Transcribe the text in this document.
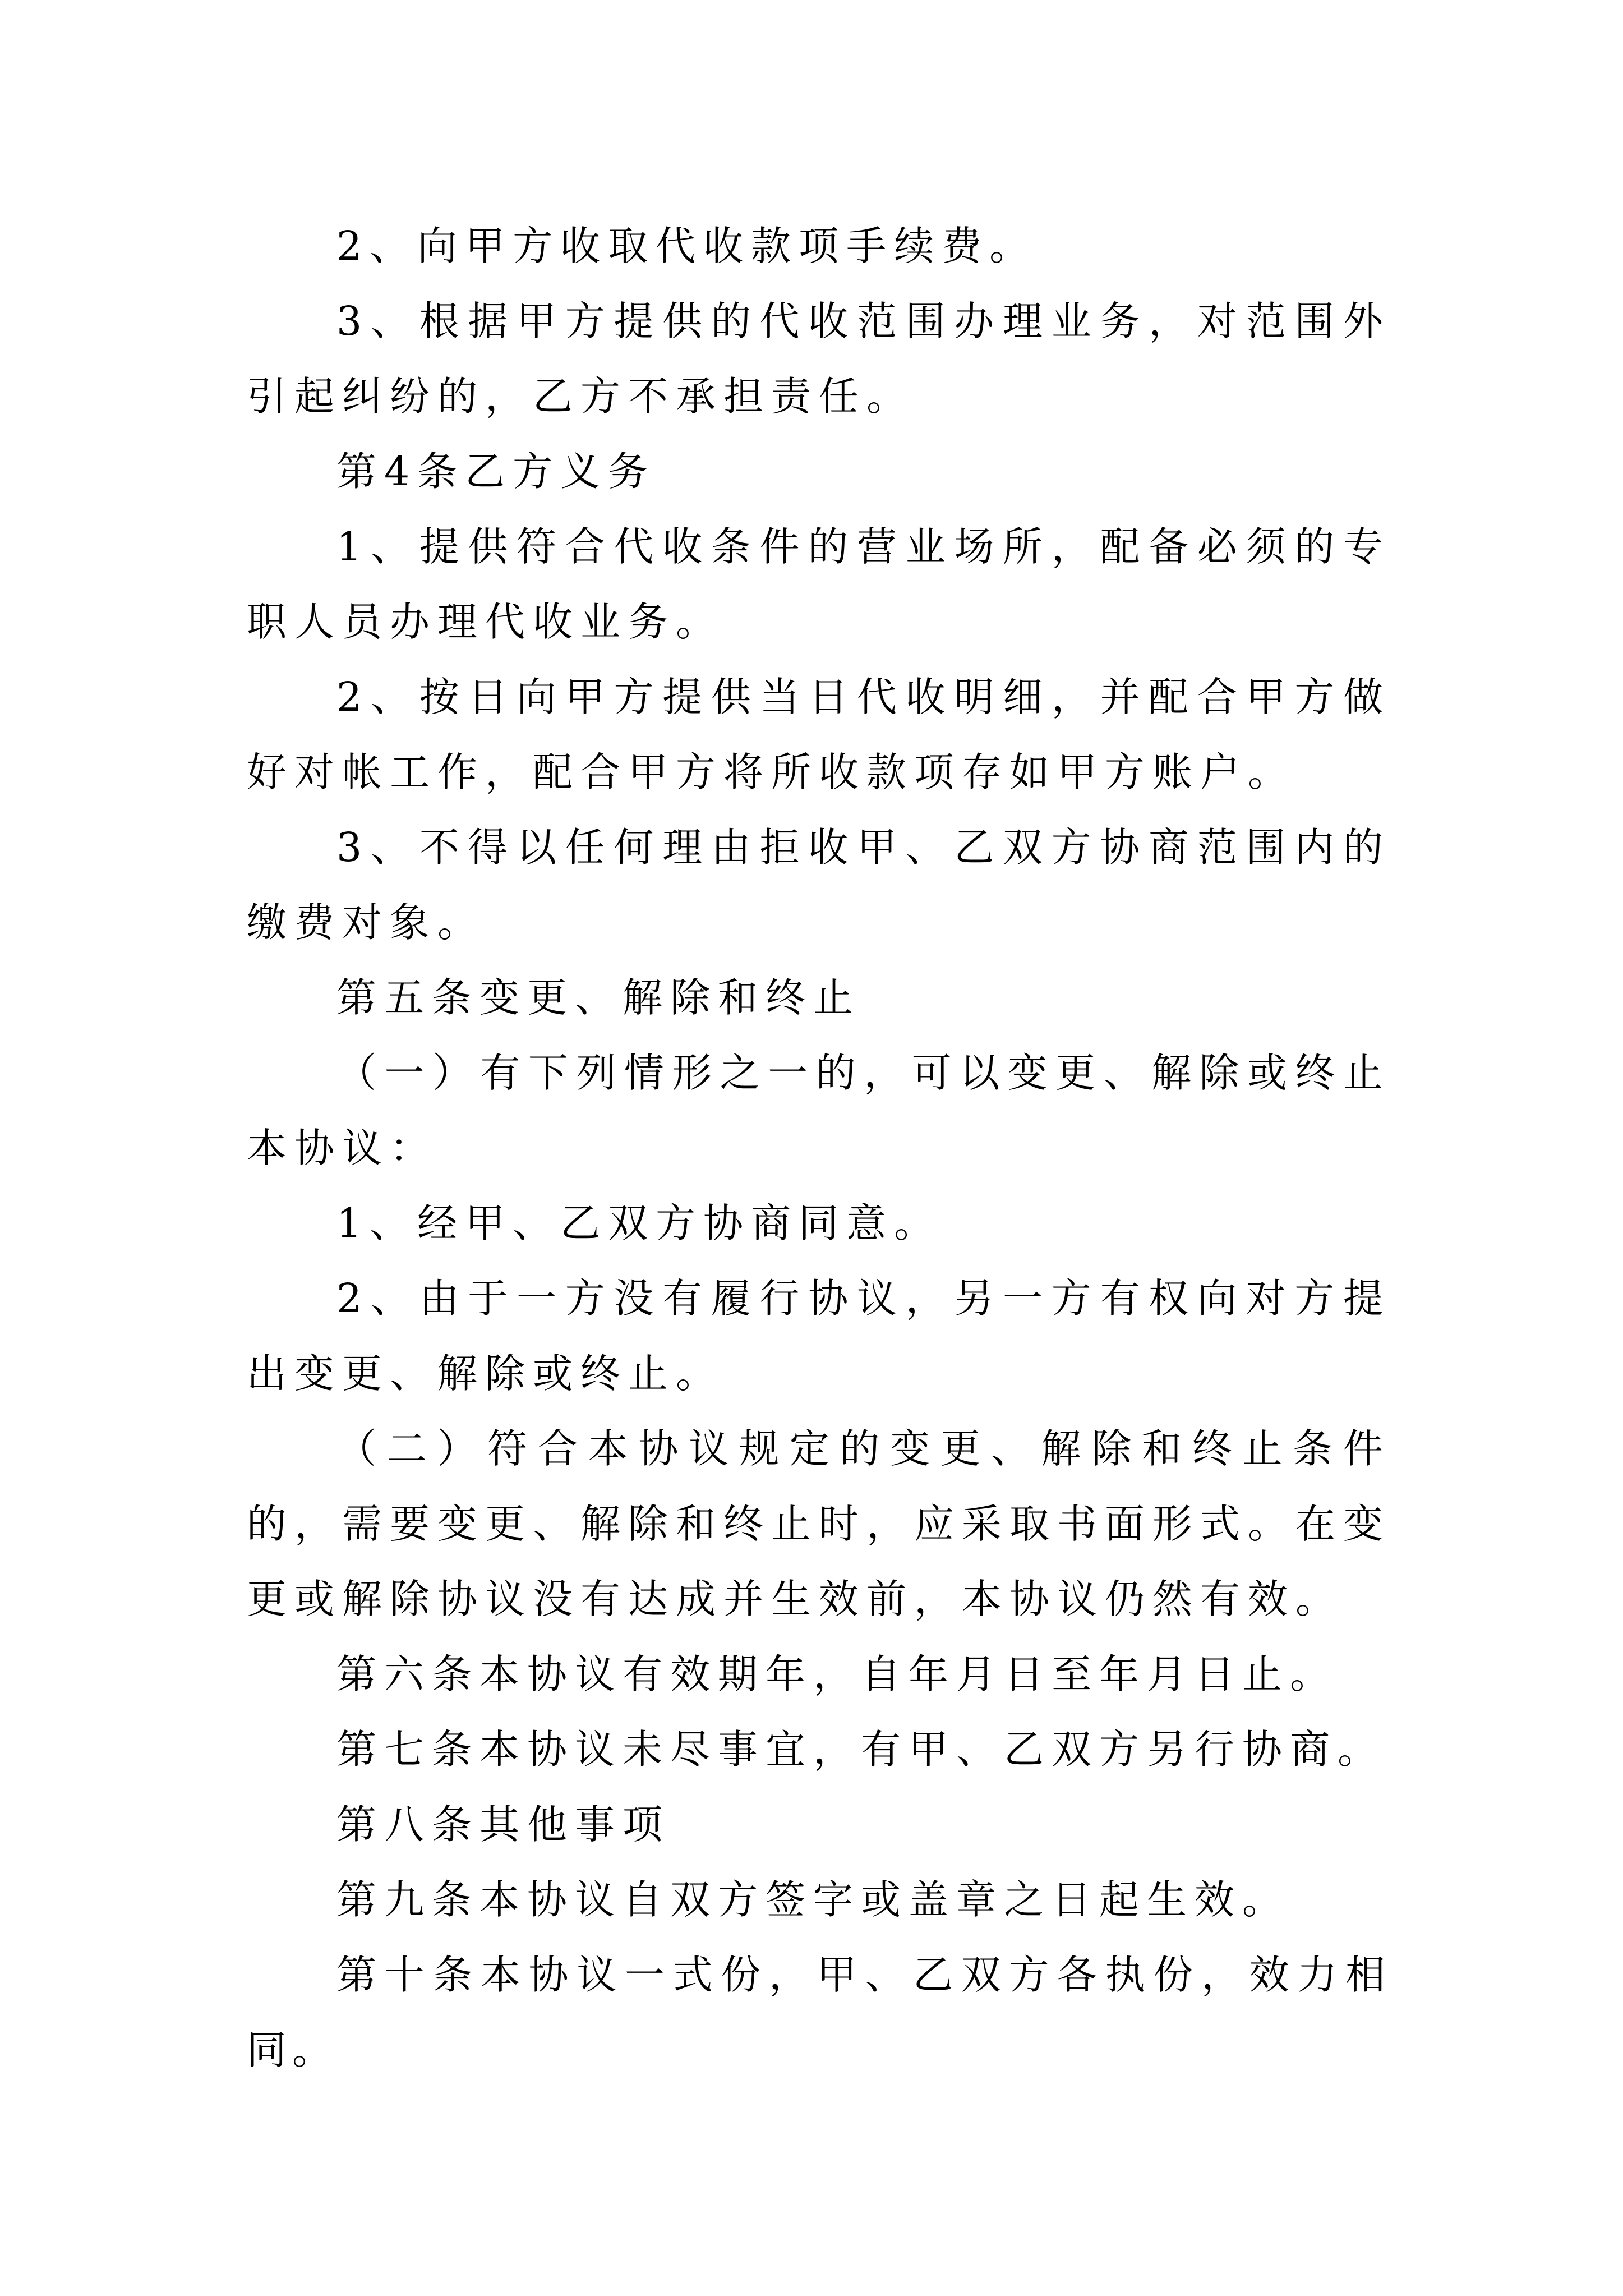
2、向甲方收取代收款项手续费。

3、根据甲方提供的代收范围办理业务，对范围外引起纠纷的，乙方不承担责任。

第4条乙方义务

1、提供符合代收条件的营业场所，配备必须的专职人员办理代收业务。

2、按日向甲方提供当日代收明细，并配合甲方做好对帐工作，配合甲方将所收款项存如甲方账户。

3、不得以任何理由拒收甲、乙双方协商范围内的缴费对象。

第五条变更、解除和终止

（一）有下列情形之一的，可以变更、解除或终止本协议：

1、经甲、乙双方协商同意。

2、由于一方没有履行协议，另一方有权向对方提出变更、解除或终止。

（二）符合本协议规定的变更、解除和终止条件的，需要变更、解除和终止时，应采取书面形式。在变更或解除协议没有达成并生效前，本协议仍然有效。

第六条本协议有效期年，自年月日至年月日止。

第七条本协议未尽事宜，有甲、乙双方另行协商。

第八条其他事项

第九条本协议自双方签字或盖章之日起生效。

第十条本协议一式份，甲、乙双方各执份，效力相同。
